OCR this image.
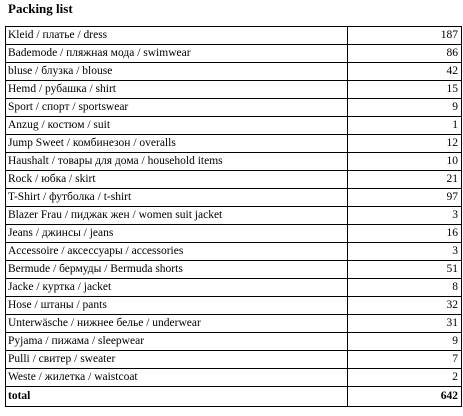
Packing list
Kleid / платье / dress	187
Bademode / пляжная мода / swimwear	86
bluse / блузка / blouse	42
Hemd / рубашка / shirt	15
Sport / спорт / sportswear	9
Anzug / костюм / suit	1
Jump Sweet / комбинезон / overalls	12
Haushalt / товары для дома / household items	10
Rock / юбка / skirt	21
T-Shirt / футболка / t-shirt	97
Blazer Frau / пиджак жен / women suit jacket	3
Jeans / джинсы / jeans	16
Accessoire / аксессуары / accessories	3
Bermude / бермуды / Bermuda shorts	51
Jacke / куртка / jacket	8
Hose / штаны / pants	32
Unterwäsche / нижнее белье / underwear	31
Pyjama / пижама / sleepwear	9
Pulli / свитер / sweater	7
Weste / жилетка / waistcoat	2
total	642
